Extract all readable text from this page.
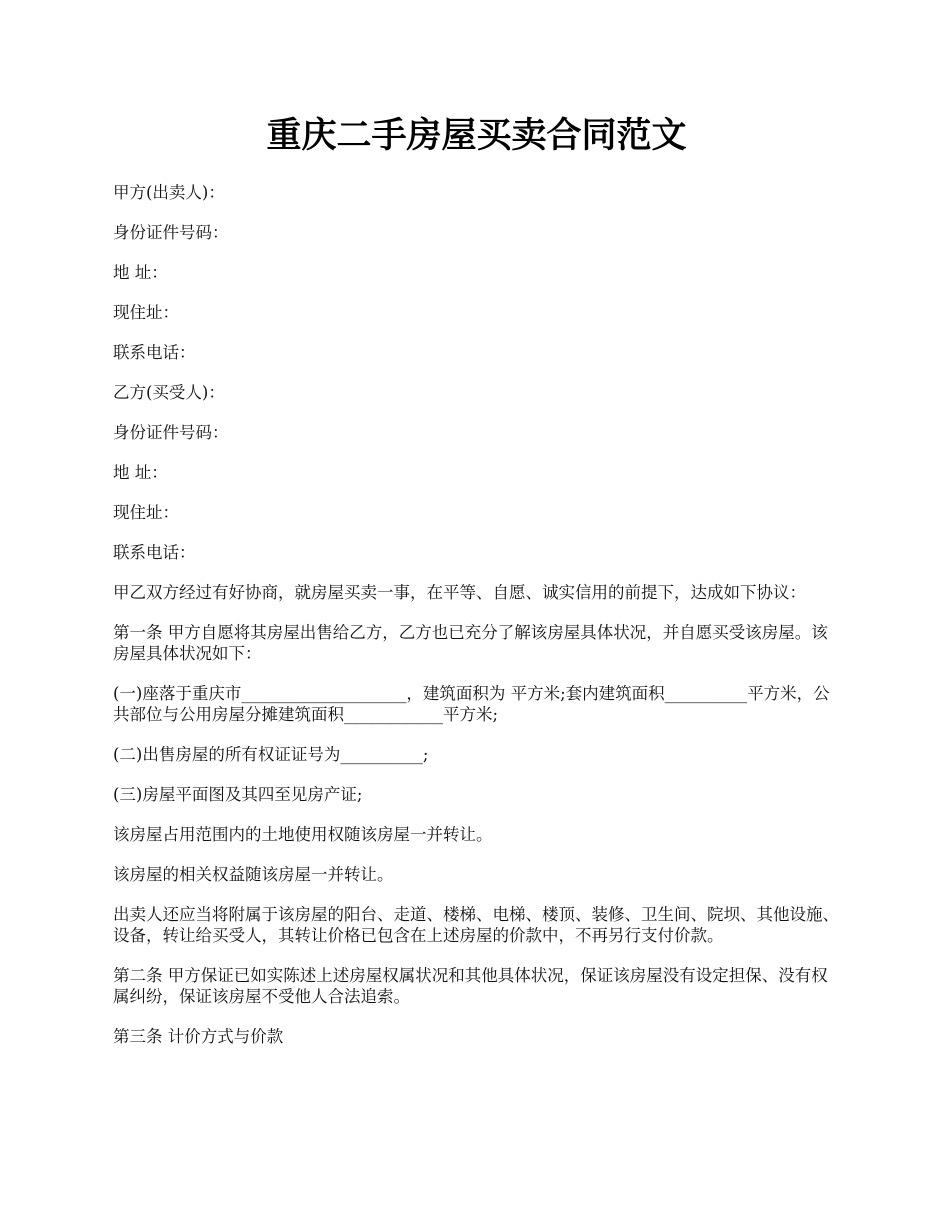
重庆二手房屋买卖合同范文

甲方(出卖人)：

身份证件号码：

地 址：

现住址：

联系电话：

乙方(买受人)：

身份证件号码：

地 址：

现住址：

联系电话：

甲乙双方经过有好协商，就房屋买卖一事，在平等、自愿、诚实信用的前提下，达成如下协议：

第一条 甲方自愿将其房屋出售给乙方，乙方也已充分了解该房屋具体状况，并自愿买受该房屋。该房屋具体状况如下：

(一)座落于重庆市____________________，建筑面积为 平方米;套内建筑面积__________平方米，公共部位与公用房屋分摊建筑面积____________平方米;

(二)出售房屋的所有权证证号为__________;

(三)房屋平面图及其四至见房产证;

该房屋占用范围内的土地使用权随该房屋一并转让。

该房屋的相关权益随该房屋一并转让。

出卖人还应当将附属于该房屋的阳台、走道、楼梯、电梯、楼顶、装修、卫生间、院坝、其他设施、设备，转让给买受人，其转让价格已包含在上述房屋的价款中，不再另行支付价款。

第二条 甲方保证已如实陈述上述房屋权属状况和其他具体状况，保证该房屋没有设定担保、没有权属纠纷，保证该房屋不受他人合法追索。

第三条 计价方式与价款
